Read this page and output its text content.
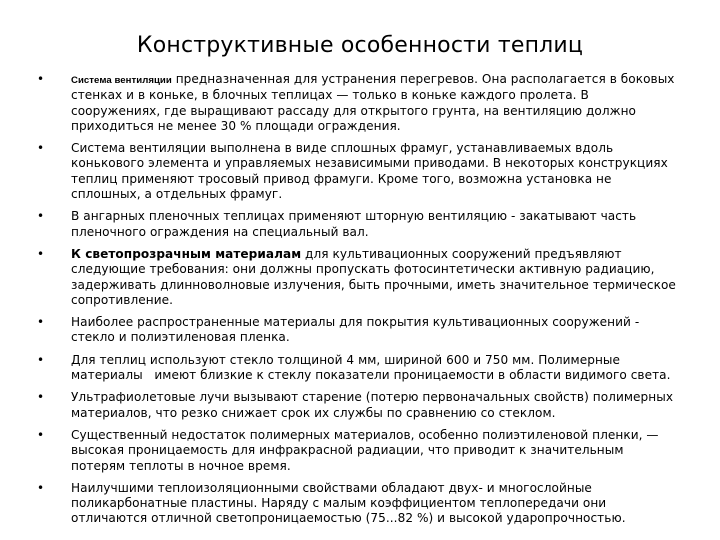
Конструктивные особенности теплиц
•	Система вентиляции предназначенная для устранения перегревов. Она располагается в боковых стенках и в коньке, в блочных теплицах — только в коньке каждого пролета. В сооружениях, где выращивают рассаду для открытого грунта, на вентиляцию должно приходиться не менее 30 % площади ограждения.
• Система вентиляции выполнена в виде сплошных фрамуг, устанавливаемых вдоль конькового элемента и управляемых независимыми приводами. В некоторых конструкциях теплиц применяют тросовый привод фрамуги. Кроме того, возможна установка не сплошных, а отдельных фрамуг.
• В ангарных пленочных теплицах применяют шторную вентиляцию - закатывают часть пленочного ограждения на специальный вал.
• К светопрозрачным материалам для культивационных сооружений предъявляют следующие требования: они должны пропускать фотосинтетически активную радиацию, задерживать длинноволновые излучения, быть прочными, иметь значительное термическое сопротивление.
• Наиболее распространенные материалы для покрытия культивационных сооружений - стекло и полиэтиленовая пленка.
• Для теплиц используют стекло толщиной 4 мм, шириной 600 и 750 мм. Полимерные материалы   имеют близкие к стеклу показатели проницаемости в области видимого света.
• Ультрафиолетовые лучи вызывают старение (потерю первоначальных свойств) полимерных материалов, что резко снижает срок их службы по сравнению со стеклом.
• Существенный недостаток полимерных материалов, особенно полиэтиленовой пленки, — высокая проницаемость для инфракрасной радиации, что приводит к значительным потерям теплоты в ночное время.
• Наилучшими теплоизоляционными свойствами обладают двух- и многослойные поликарбонатные пластины. Наряду с малым коэффициентом теплопередачи они отличаются отличной светопроницаемостью (75...82 %) и высокой ударопрочностью.
